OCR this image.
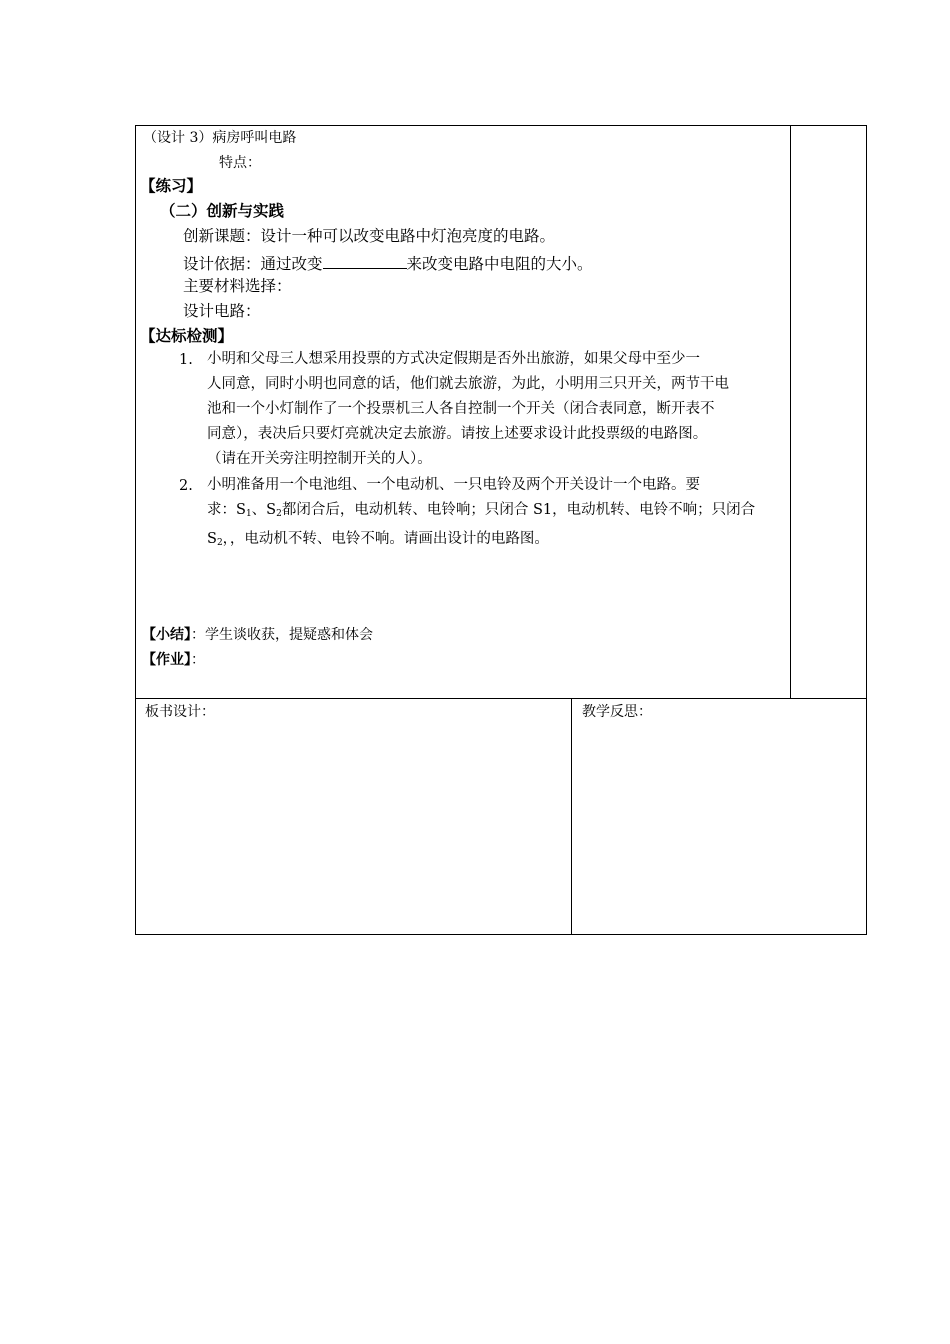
（设计 3）病房呼叫电路
特点：
【练习】
（二）创新与实践
创新课题：设计一种可以改变电路中灯泡亮度的电路。
设计依据：通过改变	来改变电路中电阻的大小。
主要材料选择：
设计电路：
【达标检测】
1. 小明和父母三人想采用投票的方式决定假期是否外出旅游，如果父母中至少一
人同意，同时小明也同意的话，他们就去旅游，为此，小明用三只开关，两节干电
池和一个小灯制作了一个投票机三人各自控制一个开关（闭合表同意，断开表不
同意），表决后只要灯亮就决定去旅游。请按上述要求设计此投票级的电路图。
（请在开关旁注明控制开关的人）。
2. 小明准备用一个电池组、一个电动机、一只电铃及两个开关设计一个电路。要
求：$S_1$、$S_2$都闭合后，电动机转、电铃响；只闭合 S1，电动机转、电铃不响；只闭合
$S_2$，，电动机不转、电铃不响。请画出设计的电路图。
【小结】：学生谈收获，提疑惑和体会
【作业】：
板书设计：	教学反思：
